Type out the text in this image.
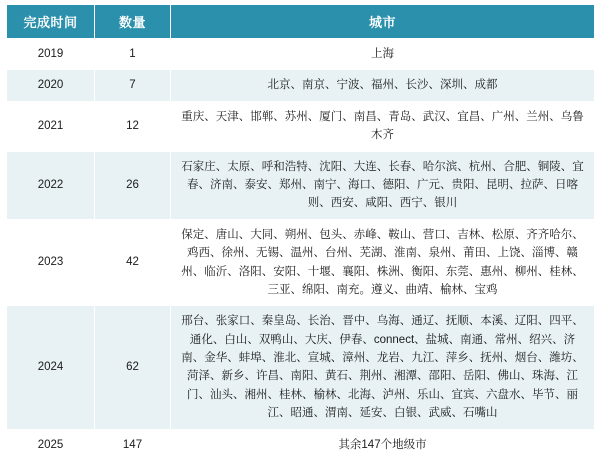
完成时间	数量	城市
2019	1	上海
2020	7	北京、南京、宁波、福州、长沙、深圳、成都
2021	12	重庆、天津、邯郸、苏州、厦门、南昌、青岛、武汉、宜昌、广州、兰州、乌鲁木齐
2022	26	石家庄、太原、呼和浩特、沈阳、大连、长春、哈尔滨、杭州、合肥、铜陵、宜春、济南、泰安、郑州、南宁、海口、德阳、广元、贵阳、昆明、拉萨、日喀则、西安、咸阳、西宁、银川
2023	42	保定、唐山、大同、朔州、包头、赤峰、鞍山、营口、吉林、松原、齐齐哈尔、鸡西、徐州、无锡、温州、台州、芜湖、淮南、泉州、莆田、上饶、淄博、赣州、临沂、洛阳、安阳、十堰、襄阳、株洲、衡阳、东莞、惠州、柳州、桂林、三亚、绵阳、南充。遵义、曲靖、榆林、宝鸡
2024	62	邢台、张家口、秦皇岛、长治、晋中、乌海、通辽、抚顺、本溪、辽阳、四平、通化、白山、双鸭山、大庆、伊春、connect、盐城、南通、常州、绍兴、济南、金华、蚌埠、淮北、宣城、漳州、龙岩、九江、萍乡、抚州、烟台、潍坊、菏泽、新乡、许昌、南阳、黄石、荆州、湘潭、邵阳、岳阳、佛山、珠海、江门、汕头、湘州、桂林、榆林、北海、泸州、乐山、宜宾、六盘水、毕节、丽江、昭通、渭南、延安、白银、武威、石嘴山
2025	147	其余147个地级市
